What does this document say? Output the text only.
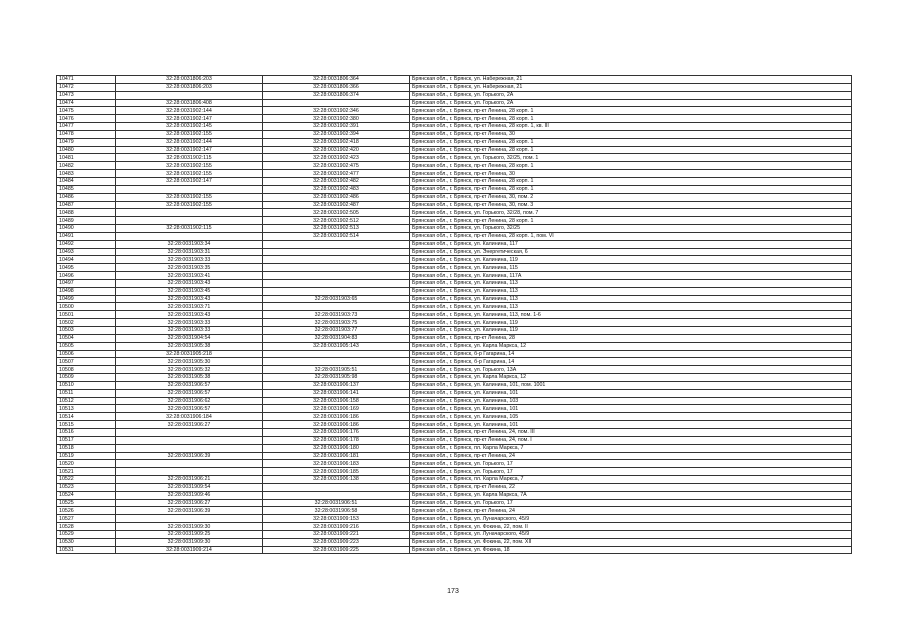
10471	32:28:0031806:203	32:28:0031806:364	Брянская обл., г. Брянск, ул. Набережная, 21
10472	32:28:0031806:203	32:28:0031806:366	Брянская обл., г. Брянск, ул. Набережная, 21
10473		32:28:0031806:374	Брянская обл., г. Брянск, ул. Горького, 2А
10474	32:28:0031806:408		Брянская обл., г. Брянск, ул. Горького, 2А
10475	32:28:0031902:144	32:28:0031902:346	Брянская обл., г. Брянск, пр-кт Ленина, 28 корп. 1
10476	32:28:0031902:147	32:28:0031902:380	Брянская обл., г. Брянск, пр-кт Ленина, 28 корп. 1
10477	32:28:0031902:145	32:28:0031902:391	Брянская обл., г. Брянск, пр-кт Ленина, 28 корп. 1, кв. III
10478	32:28:0031902:155	32:28:0031902:394	Брянская обл., г. Брянск, пр-кт Ленина, 30
10479	32:28:0031902:144	32:28:0031902:418	Брянская обл., г. Брянск, пр-кт Ленина, 28 корп. 1
10480	32:28:0031902:147	32:28:0031902:420	Брянская обл., г. Брянск, пр-кт Ленина, 28 корп. 1
10481	32:28:0031902:115	32:28:0031902:423	Брянская обл., г. Брянск, ул. Горького, 32/25, пом. 1
10482	32:28:0031902:155	32:28:0031902:475	Брянская обл., г. Брянск, пр-кт Ленина, 28 корп. 1
10483	32:28:0031902:155	32:28:0031902:477	Брянская обл., г. Брянск, пр-кт Ленина, 30
10484	32:28:0031902:147	32:28:0031902:482	Брянская обл., г. Брянск, пр-кт Ленина, 28 корп. 1
10485		32:28:0031902:483	Брянская обл., г. Брянск, пр-кт Ленина, 28 корп. 1
10486	32:28:0031902:155	32:28:0031902:486	Брянская обл., г. Брянск, пр-кт Ленина, 30, пом. 2
10487	32:28:0031902:155	32:28:0031902:487	Брянская обл., г. Брянск, пр-кт Ленина, 30, пом. 3
10488		32:28:0031902:505	Брянская обл., г. Брянск, ул. Горького, 32/28, пом. 7
10489		32:28:0031902:512	Брянская обл., г. Брянск, пр-кт Ленина, 28 корп. 1
10490	32:28:0031902:115	32:28:0031902:513	Брянская обл., г. Брянск, ул. Горького, 32/25
10491		32:28:0031902:514	Брянская обл., г. Брянск, пр-кт Ленина, 28 корп. 1, пом. VI
10492	32:28:0031903:34		Брянская обл., г. Брянск, ул. Калинина, 117
10493	32:28:0031903:31		Брянская обл., г. Брянск, ул. Энергетическая, 6
10494	32:28:0031903:33		Брянская обл., г. Брянск, ул. Калинина, 119
10495	32:28:0031903:35		Брянская обл., г. Брянск, ул. Калинина, 115
10496	32:28:0031903:41		Брянская обл., г. Брянск, ул. Калинина, 117А
10497	32:28:0031903:43		Брянская обл., г. Брянск, ул. Калинина, 113
10498	32:28:0031903:45		Брянская обл., г. Брянск, ул. Калинина, 113
10499	32:28:0031903:43	32:28:0031903:65	Брянская обл., г. Брянск, ул. Калинина, 113
10500	32:28:0031903:71		Брянская обл., г. Брянск, ул. Калинина, 113
10501	32:28:0031903:43	32:28:0031903:73	Брянская обл., г. Брянск, ул. Калинина, 113, пом. 1-6
10502	32:28:0031903:33	32:28:0031903:75	Брянская обл., г. Брянск, ул. Калинина, 119
10503	32:28:0031903:33	32:28:0031903:77	Брянская обл., г. Брянск, ул. Калинина, 119
10504	32:28:0031904:54	32:28:0031904:83	Брянская обл., г. Брянск, пр-кт Ленина, 28
10505	32:28:0031905:38	32:28:0031905:143	Брянская обл., г. Брянск, ул. Карла Маркса, 12
10506	32:28:0031905:218		Брянская обл., г. Брянск, б-р Гагарина, 14
10507	32:28:0031905:30		Брянская обл., г. Брянск, б-р Гагарина, 14
10508	32:28:0031905:32	32:28:0031905:51	Брянская обл., г. Брянск, ул. Горького, 13А
10509	32:28:0031905:38	32:28:0031905:98	Брянская обл., г. Брянск, ул. Карла Маркса, 12
10510	32:28:0031906:57	32:28:0031906:137	Брянская обл., г. Брянск, ул. Калинина, 101, пом. 1001
10511	32:28:0031906:57	32:28:0031906:141	Брянская обл., г. Брянск, ул. Калинина, 101
10512	32:28:0031906:62	32:28:0031906:158	Брянская обл., г. Брянск, ул. Калинина, 103
10513	32:28:0031906:57	32:28:0031906:169	Брянская обл., г. Брянск, ул. Калинина, 101
10514	32:28:0031906:184	32:28:0031906:186	Брянская обл., г. Брянск, ул. Калинина, 105
10515	32:28:0031906:27	32:28:0031906:186	Брянская обл., г. Брянск, ул. Калинина, 101
10516		32:28:0031906:176	Брянская обл., г. Брянск, пр-кт Ленина, 24, пом. III
10517		32:28:0031906:178	Брянская обл., г. Брянск, пр-кт Ленина, 24, пом. I
10518		32:28:0031906:180	Брянская обл., г. Брянск, пл. Карла Маркса, 7
10519	32:28:0031906:39	32:28:0031906:181	Брянская обл., г. Брянск, пр-кт Ленина, 24
10520		32:28:0031906:183	Брянская обл., г. Брянск, ул. Горького, 17
10521		32:28:0031906:185	Брянская обл., г. Брянск, ул. Горького, 17
10522	32:28:0031906:21	32:28:0031906:138	Брянская обл., г. Брянск, пл. Карла Маркса, 7
10523	32:28:0031909:54		Брянская обл., г. Брянск, пр-кт Ленина, 22
10524	32:28:0031909:46		Брянская обл., г. Брянск, ул. Карла Маркса, 7А
10525	32:28:0031906:27	32:28:0031906:51	Брянская обл., г. Брянск, ул. Горького, 17
10526	32:28:0031906:39	32:28:0031906:58	Брянская обл., г. Брянск, пр-кт Ленина, 24
10527		32:28:0031909:153	Брянская обл., г. Брянск, ул. Луначарского, 45/9
10528	32:28:0031909:30	32:28:0031909:216	Брянская обл., г. Брянск, ул. Фокина, 22, пом. II
10529	32:28:0031909:25	32:28:0031909:221	Брянская обл., г. Брянск, ул. Луначарского, 45/9
10530	32:28:0031909:30	32:28:0031909:223	Брянская обл., г. Брянск, ул. Фокина, 22, пом. XII
10531	32:28:0031909:214	32:28:0031909:225	Брянская обл., г. Брянск, ул. Фокина, 18
173
